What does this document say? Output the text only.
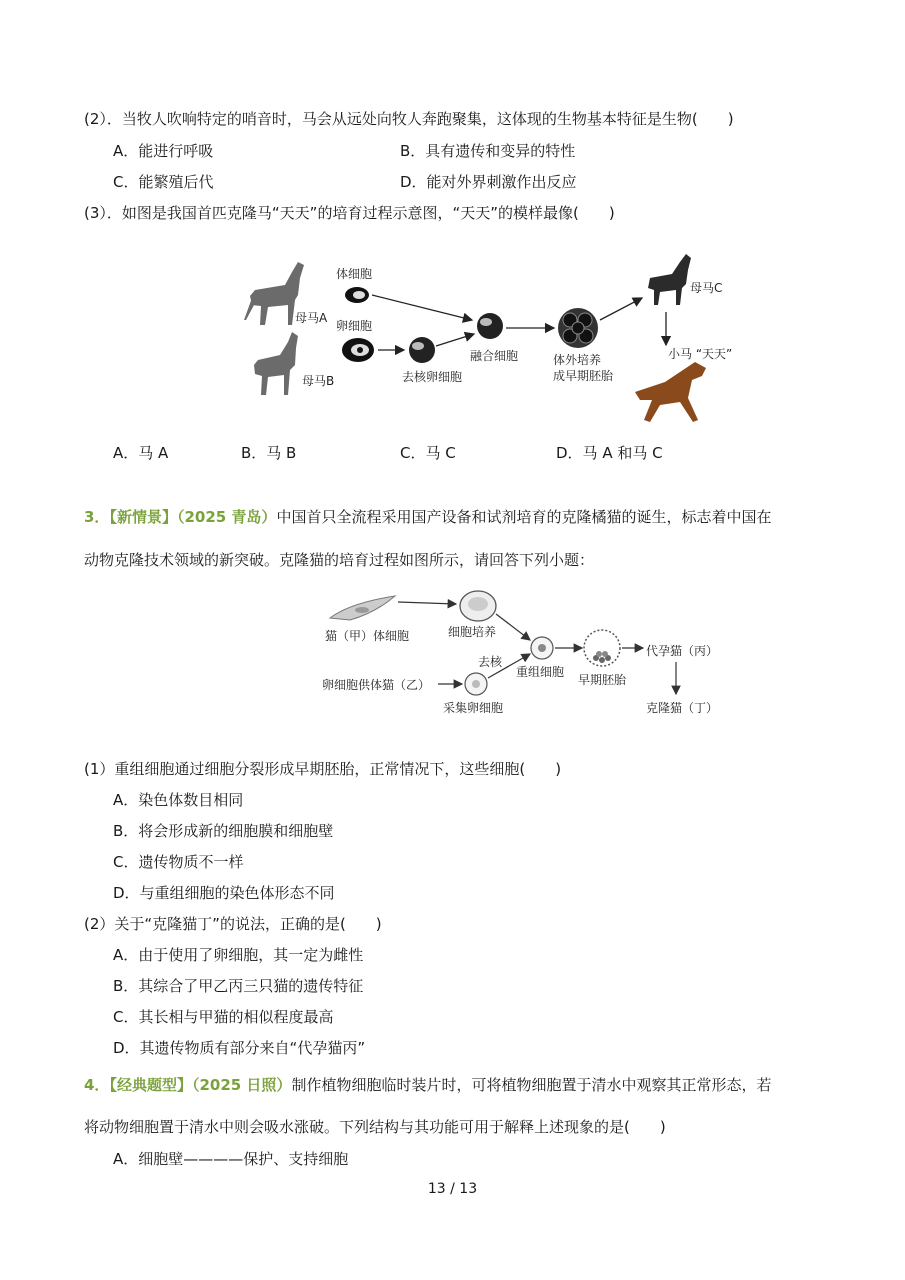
(2）．当牧人吹响特定的哨音时，马会从远处向牧人奔跑聚集，这体现的生物基本特征是生物(　　)
A．能进行呼吸	B．具有遗传和变异的特性
C．能繁殖后代	D．能对外界刺激作出反应
(3）．如图是我国首匹克隆马“天天”的培育过程示意图，“天天”的模样最像(　　)
母马A
母马B
体细胞
卵细胞
去核卵细胞
融合细胞	体外培养
成早期胚胎
母马C
小马 “天天”
A．马 A	B．马 B	C．马 C	D．马 A 和马 C
3．【新情景】（2025 青岛）中国首只全流程采用国产设备和试剂培育的克隆橘猫的诞生，标志着中国在
动物克隆技术领域的新突破。克隆猫的培育过程如图所示，请回答下列小题：
猫（甲）体细胞	细胞培养
卵细胞供体猫（乙）
采集卵细胞
去核
重组细胞
早期胚胎
代孕猫（丙）
克隆猫（丁）
(1）重组细胞通过细胞分裂形成早期胚胎，正常情况下，这些细胞(　　)
A．染色体数目相同
B．将会形成新的细胞膜和细胞壁
C．遗传物质不一样
D．与重组细胞的染色体形态不同
(2）关于“克隆猫丁”的说法，正确的是(　　)
A．由于使用了卵细胞，其一定为雌性
B．其综合了甲乙丙三只猫的遗传特征
C．其长相与甲猫的相似程度最高
D．其遗传物质有部分来自“代孕猫丙”
4．【经典题型】（2025 日照）制作植物细胞临时装片时，可将植物细胞置于清水中观察其正常形态，若
将动物细胞置于清水中则会吸水涨破。下列结构与其功能可用于解释上述现象的是(　　)
A．细胞壁————保护、支持细胞
13 / 13
